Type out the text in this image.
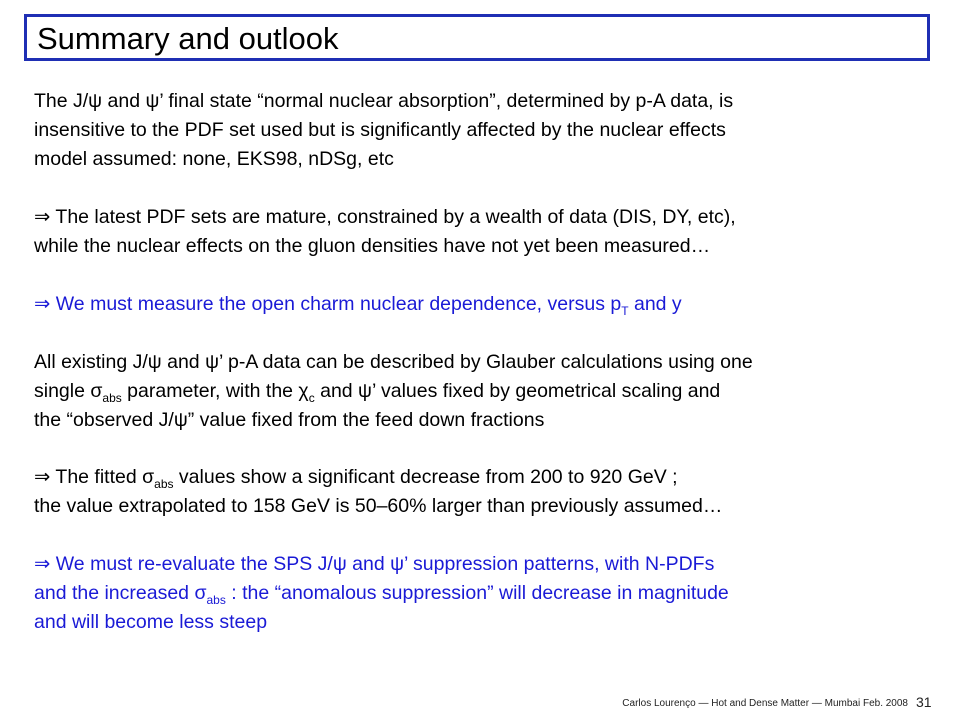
Summary and outlook
The J/ψ and ψ’ final state “normal nuclear absorption”, determined by p-A data, is
insensitive to the PDF set used but is significantly affected by the nuclear effects
model assumed: none, EKS98, nDSg, etc
⇒ The latest PDF sets are mature, constrained by a wealth of data (DIS, DY, etc),
while the nuclear effects on the gluon densities have not yet been measured…
⇒ We must measure the open charm nuclear dependence, versus $p_T$ and y
All existing J/ψ and ψ’ p-A data can be described by Glauber calculations using one
single $\sigma_{abs}$ parameter, with the $\chi_c$ and ψ’ values fixed by geometrical scaling and
the “observed J/ψ” value fixed from the feed down fractions
⇒ The fitted $\sigma_{abs}$ values show a significant decrease from 200 to 920 GeV ;
the value extrapolated to 158 GeV is 50–60% larger than previously assumed…
⇒ We must re-evaluate the SPS J/ψ and ψ’ suppression patterns, with N-PDFs
and the increased $\sigma_{abs}$ : the “anomalous suppression” will decrease in magnitude
and will become less steep
Carlos Lourenço — Hot and Dense Matter — Mumbai Feb. 2008 31
